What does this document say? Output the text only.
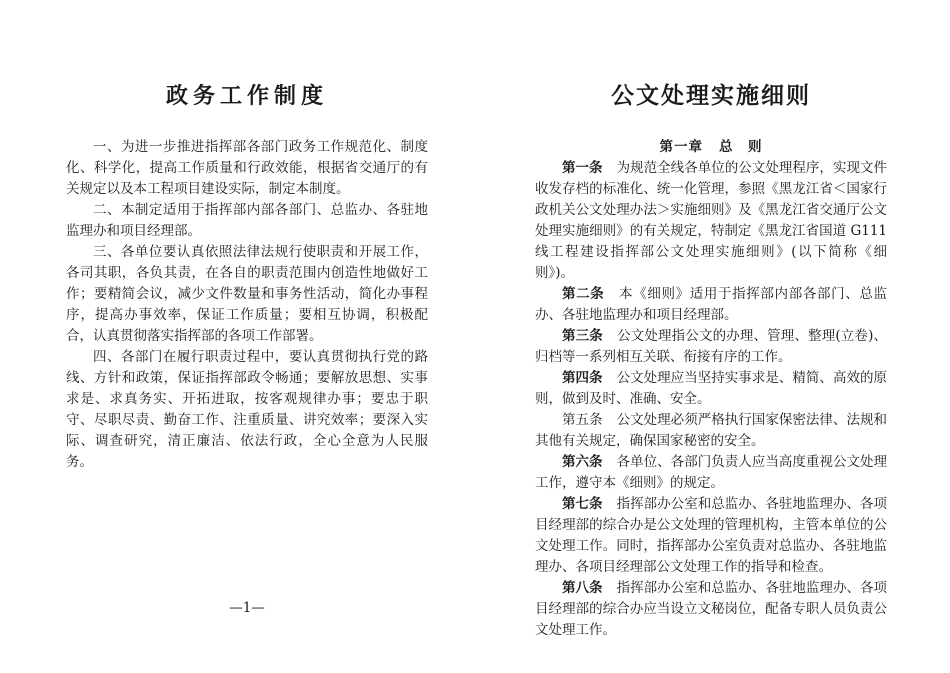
政务工作制度

一、为进一步推进指挥部各部门政务工作规范化、制度化、科学化，提高工作质量和行政效能，根据省交通厅的有关规定以及本工程项目建设实际，制定本制度。

二、本制定适用于指挥部内部各部门、总监办、各驻地监理办和项目经理部。

三、各单位要认真依照法律法规行使职责和开展工作，各司其职，各负其责，在各自的职责范围内创造性地做好工作；要精简会议，减少文件数量和事务性活动，简化办事程序，提高办事效率，保证工作质量；要相互协调，积极配合，认真贯彻落实指挥部的各项工作部署。

四、各部门在履行职责过程中，要认真贯彻执行党的路线、方针和政策，保证指挥部政令畅通；要解放思想、实事求是、求真务实、开拓进取，按客观规律办事；要忠于职守、尽职尽责、勤奋工作、注重质量、讲究效率；要深入实际、调查研究，清正廉洁、依法行政，全心全意为人民服务。

—1—
公文处理实施细则

第一章 总　则

第一条 为规范全线各单位的公文处理程序，实现文件收发存档的标准化、统一化管理，参照《黑龙江省＜国家行政机关公文处理办法＞实施细则》及《黑龙江省交通厅公文处理实施细则》的有关规定，特制定《黑龙江省国道 G111 线工程建设指挥部公文处理实施细则》(以下简称《细则》)。

第二条 本《细则》适用于指挥部内部各部门、总监办、各驻地监理办和项目经理部。

第三条 公文处理指公文的办理、管理、整理(立卷)、归档等一系列相互关联、衔接有序的工作。

第四条 公文处理应当坚持实事求是、精简、高效的原则，做到及时、准确、安全。

第五条 公文处理必须严格执行国家保密法律、法规和其他有关规定，确保国家秘密的安全。

第六条 各单位、各部门负责人应当高度重视公文处理工作，遵守本《细则》的规定。

第七条 指挥部办公室和总监办、各驻地监理办、各项目经理部的综合办是公文处理的管理机构，主管本单位的公文处理工作。同时，指挥部办公室负责对总监办、各驻地监理办、各项目经理部公文处理工作的指导和检查。

第八条 指挥部办公室和总监办、各驻地监理办、各项目经理部的综合办应当设立文秘岗位，配备专职人员负责公文处理工作。
